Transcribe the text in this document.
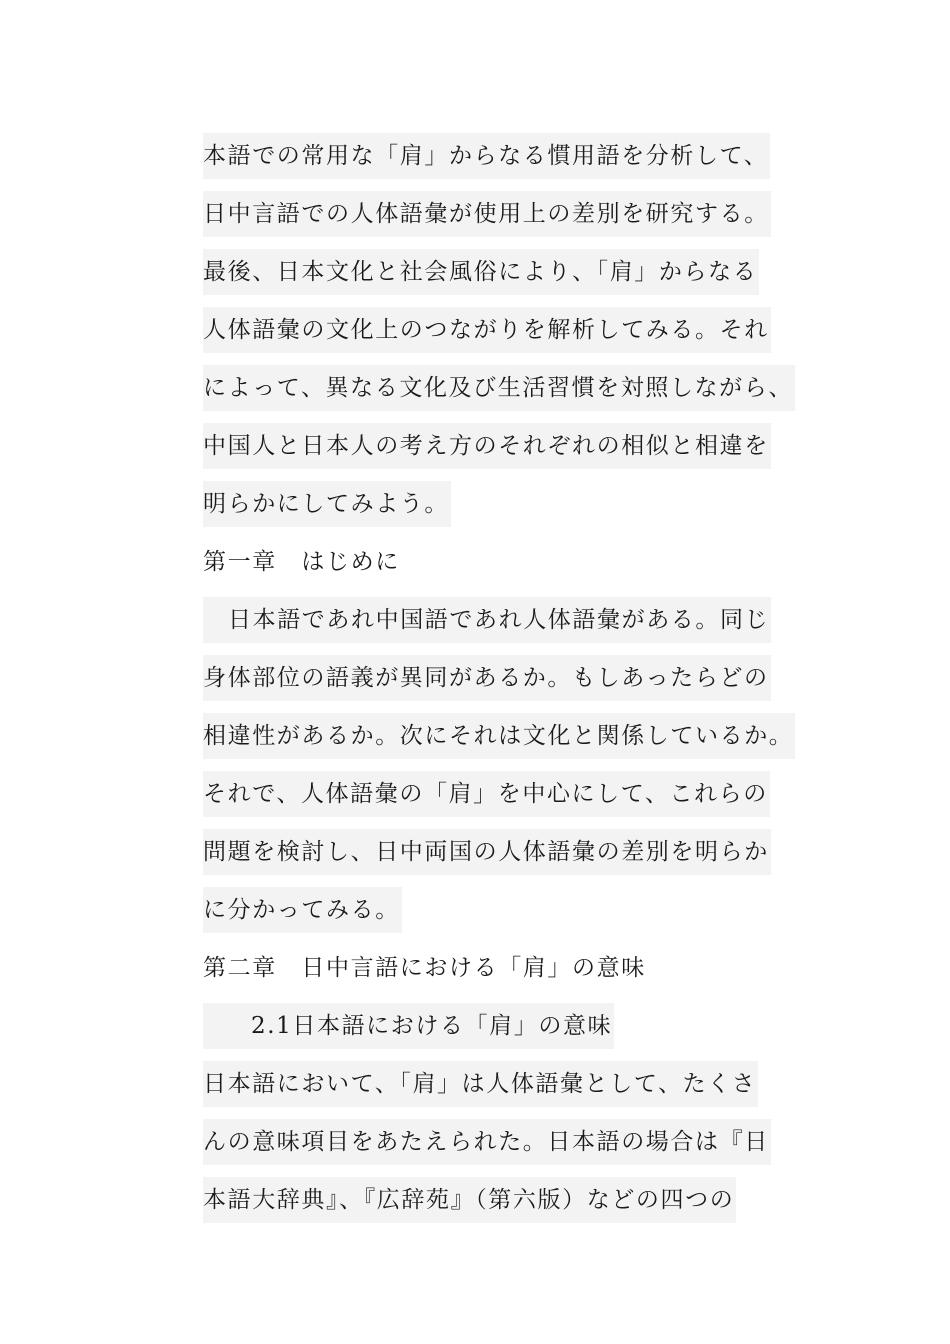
本語での常用な「肩」からなる慣用語を分析して、
日中言語での人体語彙が使用上の差別を研究する。
最後、日本文化と社会風俗により、「肩」からなる
人体語彙の文化上のつながりを解析してみる。それ
によって、異なる文化及び生活習慣を対照しながら、
中国人と日本人の考え方のそれぞれの相似と相違を
明らかにしてみよう。
第一章　はじめに
日本語であれ中国語であれ人体語彙がある。同じ
身体部位の語義が異同があるか。もしあったらどの
相違性があるか。次にそれは文化と関係しているか。
それで、人体語彙の「肩」を中心にして、これらの
問題を検討し、日中両国の人体語彙の差別を明らか
に分かってみる。
第二章　日中言語における「肩」の意味
2.1日本語における「肩」の意味
日本語において、「肩」は人体語彙として、たくさ
んの意味項目をあたえられた。日本語の場合は『日
本語大辞典』、『広辞苑』（第六版）などの四つの
